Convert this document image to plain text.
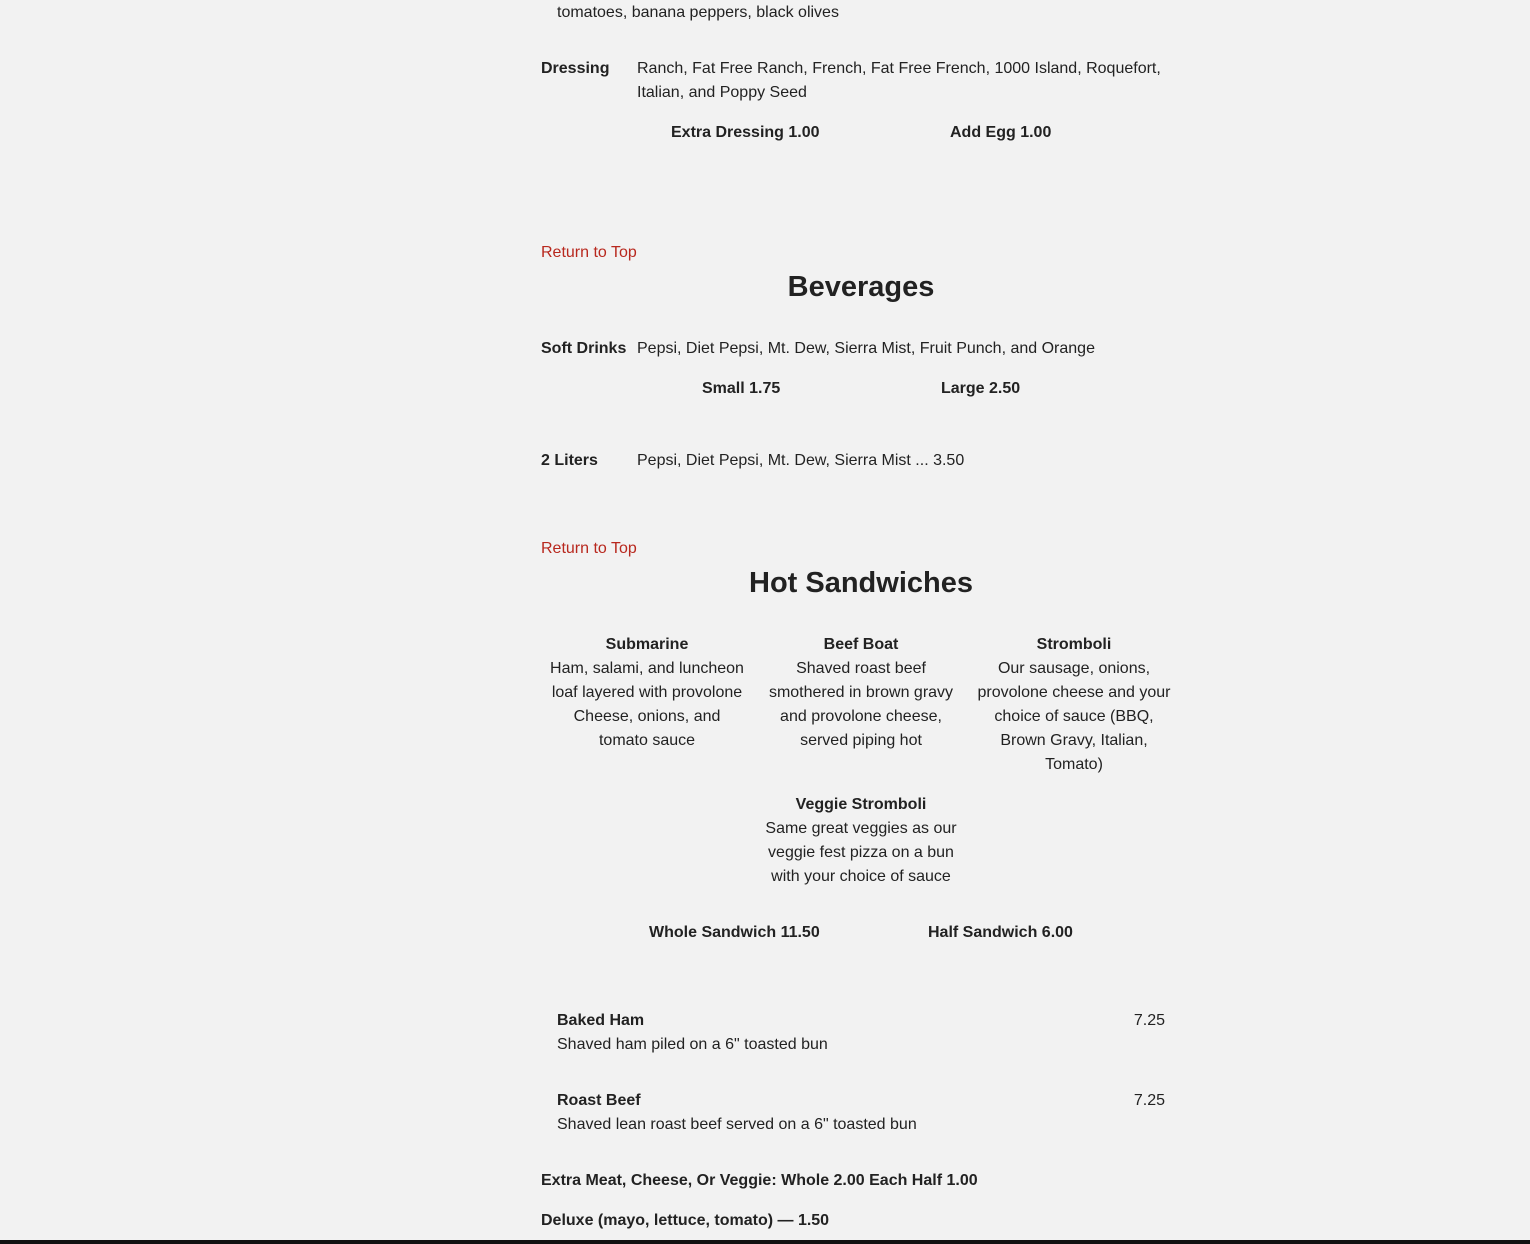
tomatoes, banana peppers, black olives
Dressing Ranch, Fat Free Ranch, French, Fat Free French, 1000 Island, Roquefort,
Italian, and Poppy Seed
Extra Dressing 1.00	Add Egg 1.00
Return to Top
Beverages
Soft Drinks Pepsi, Diet Pepsi, Mt. Dew, Sierra Mist, Fruit Punch, and Orange
Small 1.75	Large 2.50
2 Liters Pepsi, Diet Pepsi, Mt. Dew, Sierra Mist ... 3.50
Return to Top
Hot Sandwiches
Submarine
Ham, salami, and luncheon
loaf layered with provolone
Cheese, onions, and
tomato sauce
Beef Boat
Shaved roast beef
smothered in brown gravy
and provolone cheese,
served piping hot
Stromboli
Our sausage, onions,
provolone cheese and your
choice of sauce (BBQ,
Brown Gravy, Italian,
Tomato)
Veggie Stromboli
Same great veggies as our
veggie fest pizza on a bun
with your choice of sauce
Whole Sandwich 11.50	Half Sandwich 6.00
Baked Ham
Shaved ham piled on a 6" toasted bun
7.25
Roast Beef
Shaved lean roast beef served on a 6" toasted bun
7.25
Extra Meat, Cheese, Or Veggie: Whole 2.00 Each Half 1.00
Deluxe (mayo, lettuce, tomato) — 1.50
